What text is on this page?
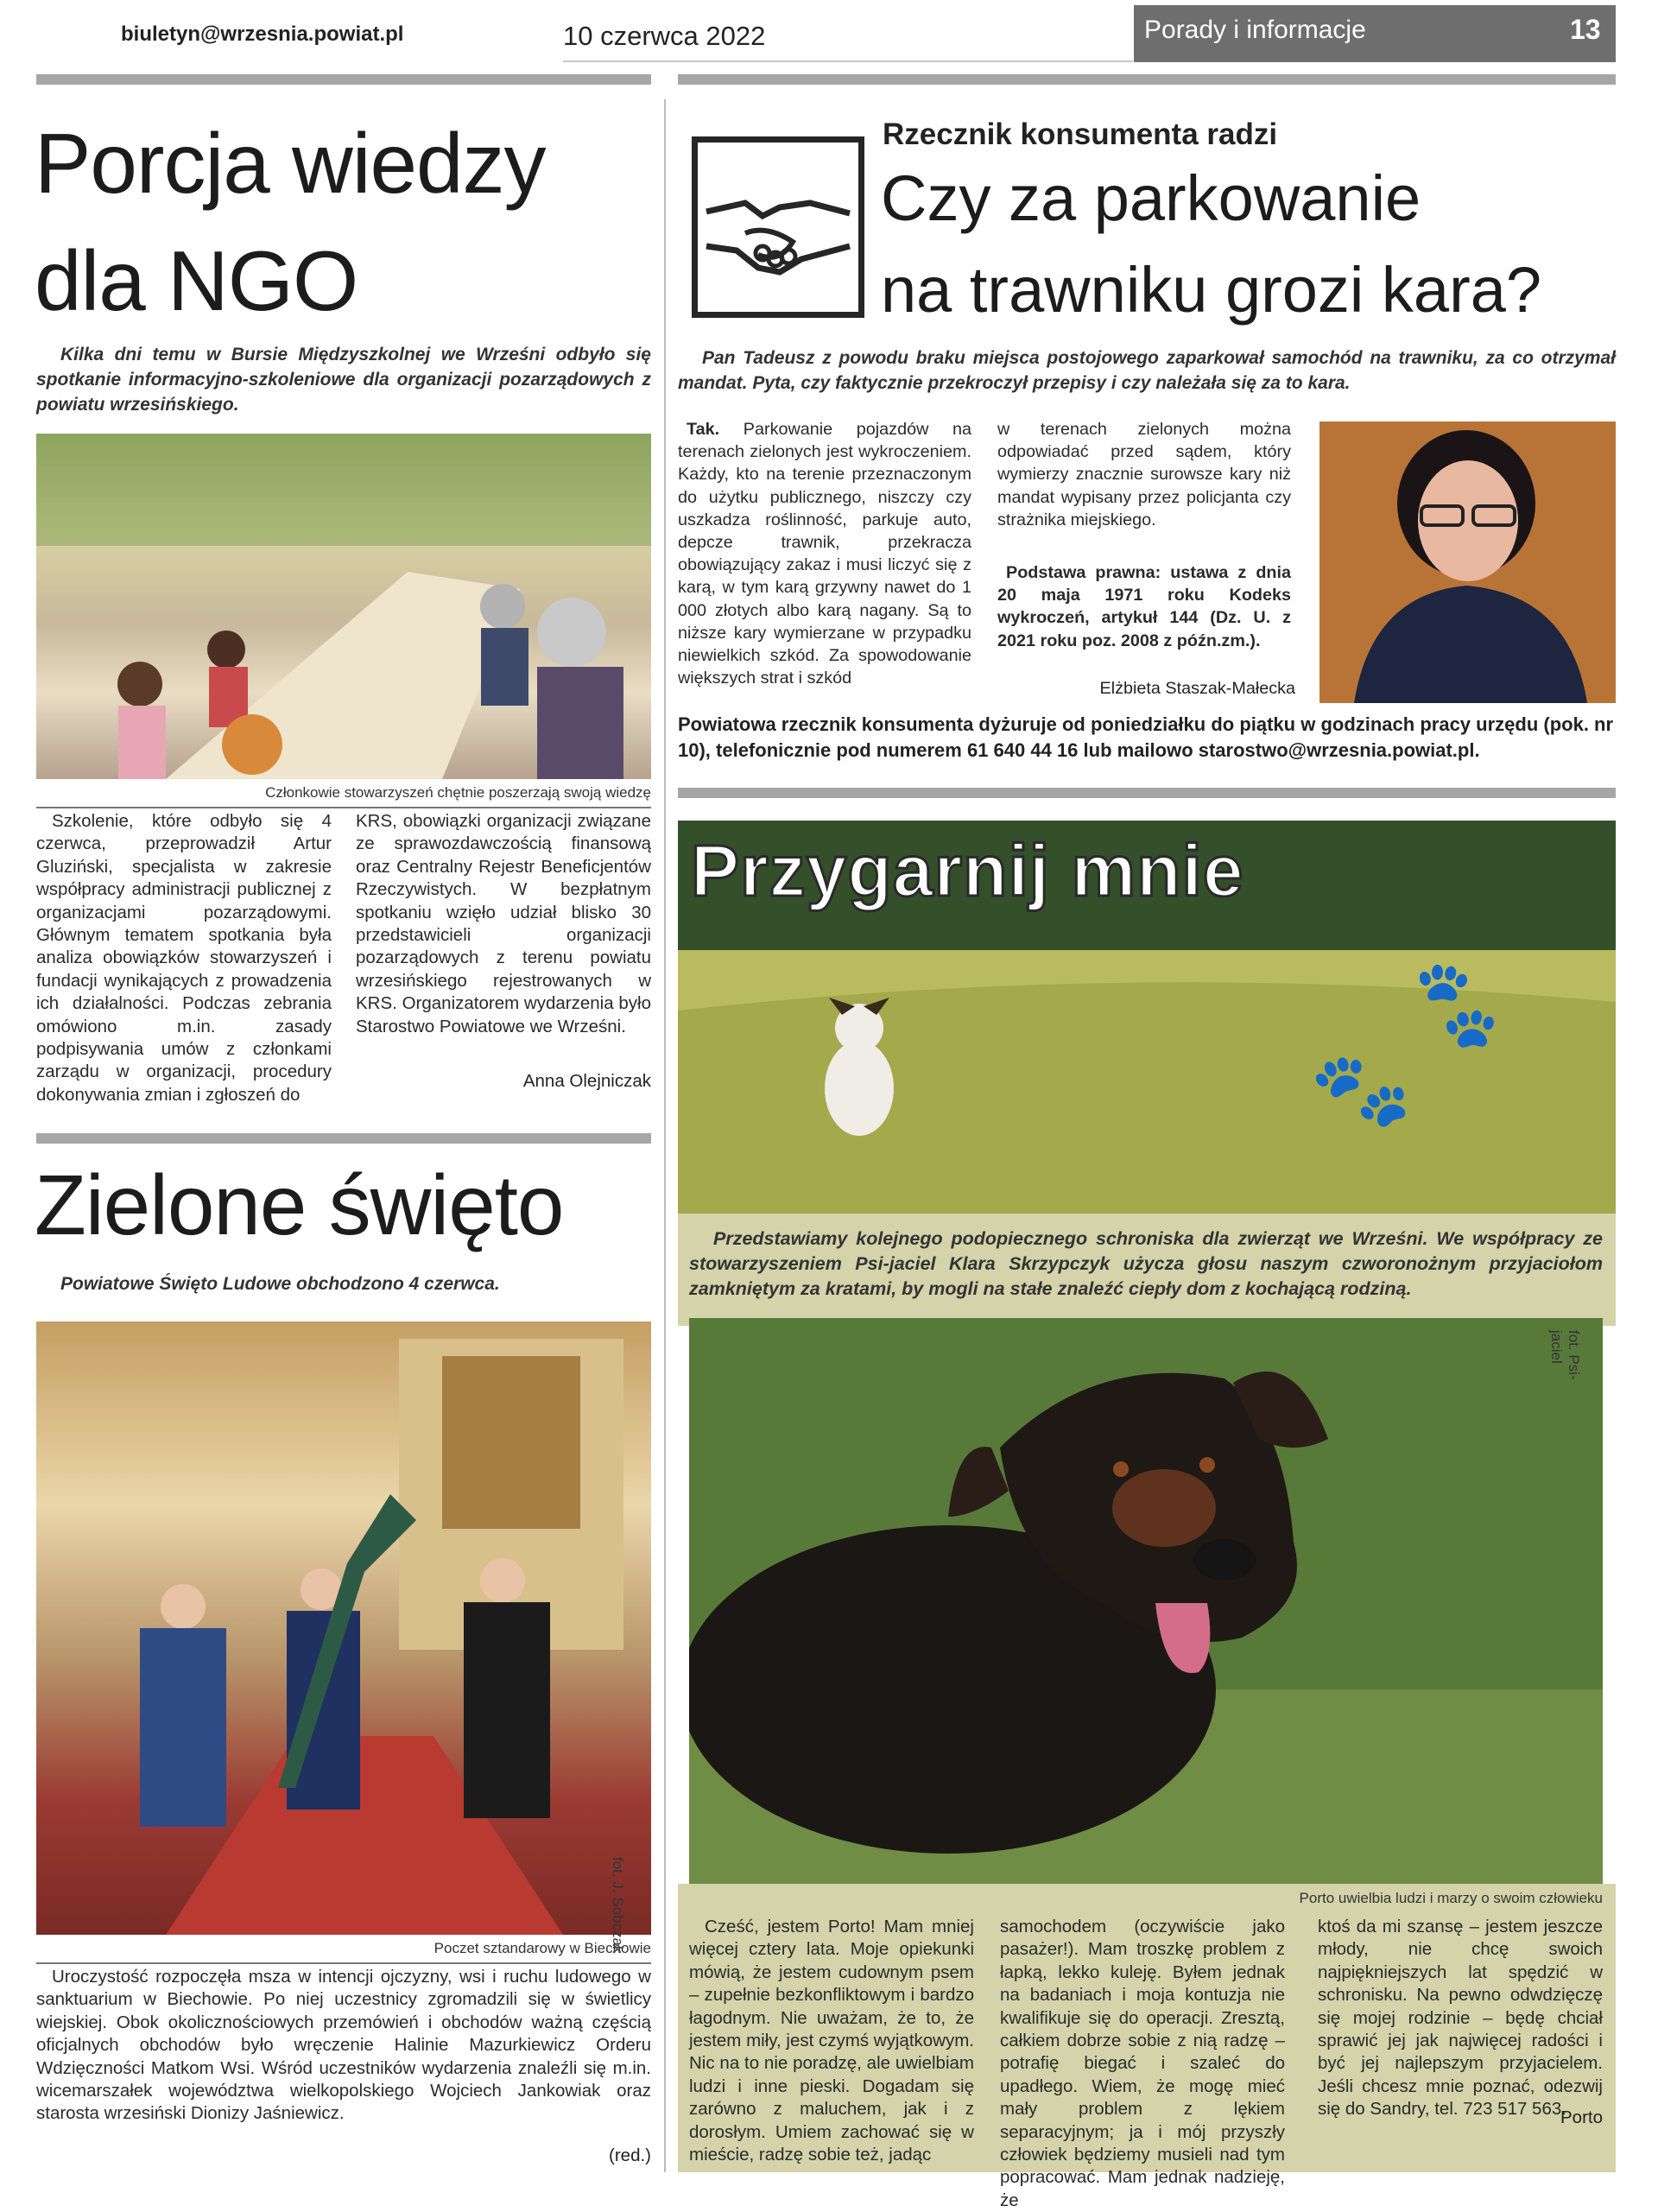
biuletyn@wrzesnia.powiat.pl	10 czerwca 2022	Porady i informacje	13
Porcja wiedzy
dla NGO

Kilka dni temu w Bursie Międzyszkolnej we Wrześni odbyło się spotkanie informacyjno-szkoleniowe dla organizacji pozarządowych z powiatu wrzesińskiego.

Członkowie stowarzyszeń chętnie poszerzają swoją wiedzę

Szkolenie, które odbyło się 4 czerwca, przeprowadził Artur Gluziński, specjalista w zakresie współpracy administracji publicznej z organizacjami pozarządowymi. Głównym tematem spotkania była analiza obowiązków stowarzyszeń i fundacji wynikających z prowadzenia ich działalności. Podczas zebrania omówiono m.in. zasady podpisywania umów z członkami zarządu w organizacji, procedury dokonywania zmian i zgłoszeń do

KRS, obowiązki organizacji związane ze sprawozdawczością finansową oraz Centralny Rejestr Beneficjentów Rzeczywistych. W bezpłatnym spotkaniu wzięło udział blisko 30 przedstawicieli organizacji pozarządowych z terenu powiatu wrzesińskiego rejestrowanych w KRS. Organizatorem wydarzenia było Starostwo Powiatowe we Wrześni.

Anna Olejniczak
Zielone święto

Powiatowe Święto Ludowe obchodzono 4 czerwca.

fot. J. Sobczak
Poczet sztandarowy w Biechowie

Uroczystość rozpoczęła msza w intencji ojczyzny, wsi i ruchu ludowego w sanktuarium w Biechowie. Po niej uczestnicy zgromadzili się w świetlicy wiejskiej. Obok okolicznościowych przemówień i obchodów ważną częścią oficjalnych obchodów było wręczenie Halinie Mazurkiewicz Orderu Wdzięczności Matkom Wsi. Wśród uczestników wydarzenia znaleźli się m.in. wicemarszałek województwa wielkopolskiego Wojciech Jankowiak oraz starosta wrzesiński Dionizy Jaśniewicz.

(red.)
Rzecznik konsumenta radzi
Czy za parkowanie
na trawniku grozi kara?

Pan Tadeusz z powodu braku miejsca postojowego zaparkował samochód na trawniku, za co otrzymał mandat. Pyta, czy faktycznie przekroczył przepisy i czy należała się za to kara.

Tak. Parkowanie pojazdów na terenach zielonych jest wykroczeniem. Każdy, kto na terenie przeznaczonym do użytku publicznego, niszczy czy uszkadza roślinność, parkuje auto, depcze trawnik, przekracza obowiązujący zakaz i musi liczyć się z karą, w tym karą grzywny nawet do 1 000 złotych albo karą nagany. Są to niższe kary wymierzane w przypadku niewielkich szkód. Za spowodowanie większych strat i szkód

w terenach zielonych można odpowiadać przed sądem, który wymierzy znacznie surowsze kary niż mandat wypisany przez policjanta czy strażnika miejskiego.

Podstawa prawna: ustawa z dnia 20 maja 1971 roku Kodeks wykroczeń, artykuł 144 (Dz. U. z 2021 roku poz. 2008 z późn.zm.).

Elżbieta Staszak-Małecka

Powiatowa rzecznik konsumenta dyżuruje od poniedziałku do piątku w godzinach pracy urzędu (pok. nr 10), telefonicznie pod numerem 61 640 44 16 lub mailowo starostwo@wrzesnia.powiat.pl.

Przygarnij mnie
🐾
🐾

Przedstawiamy kolejnego podopiecznego schroniska dla zwierząt we Wrześni. We współpracy ze stowarzyszeniem Psi-jaciel Klara Skrzypczyk użycza głosu naszym czworonożnym przyjaciołom zamkniętym za kratami, by mogli na stałe znaleźć ciepły dom z kochającą rodziną.

fot. Psi-jaciel
Porto uwielbia ludzi i marzy o swoim człowieku

Cześć, jestem Porto! Mam mniej więcej cztery lata. Moje opiekunki mówią, że jestem cudownym psem – zupełnie bezkonfliktowym i bardzo łagodnym. Nie uważam, że to, że jestem miły, jest czymś wyjątkowym. Nic na to nie poradzę, ale uwielbiam ludzi i inne pieski. Dogadam się zarówno z maluchem, jak i z dorosłym. Umiem zachować się w mieście, radzę sobie też, jadąc

samochodem (oczywiście jako pasażer!). Mam troszkę problem z łapką, lekko kuleję. Byłem jednak na badaniach i moja kontuzja nie kwalifikuje się do operacji. Zresztą, całkiem dobrze sobie z nią radzę – potrafię biegać i szaleć do upadłego. Wiem, że mogę mieć mały problem z lękiem separacyjnym; ja i mój przyszły człowiek będziemy musieli nad tym popracować. Mam jednak nadzieję, że

ktoś da mi szansę – jestem jeszcze młody, nie chcę swoich najpiękniejszych lat spędzić w schronisku. Na pewno odwdzięczę się mojej rodzinie – będę chciał sprawić jej jak najwięcej radości i być jej najlepszym przyjacielem. Jeśli chcesz mnie poznać, odezwij się do Sandry, tel. 723 517 563.

Porto
